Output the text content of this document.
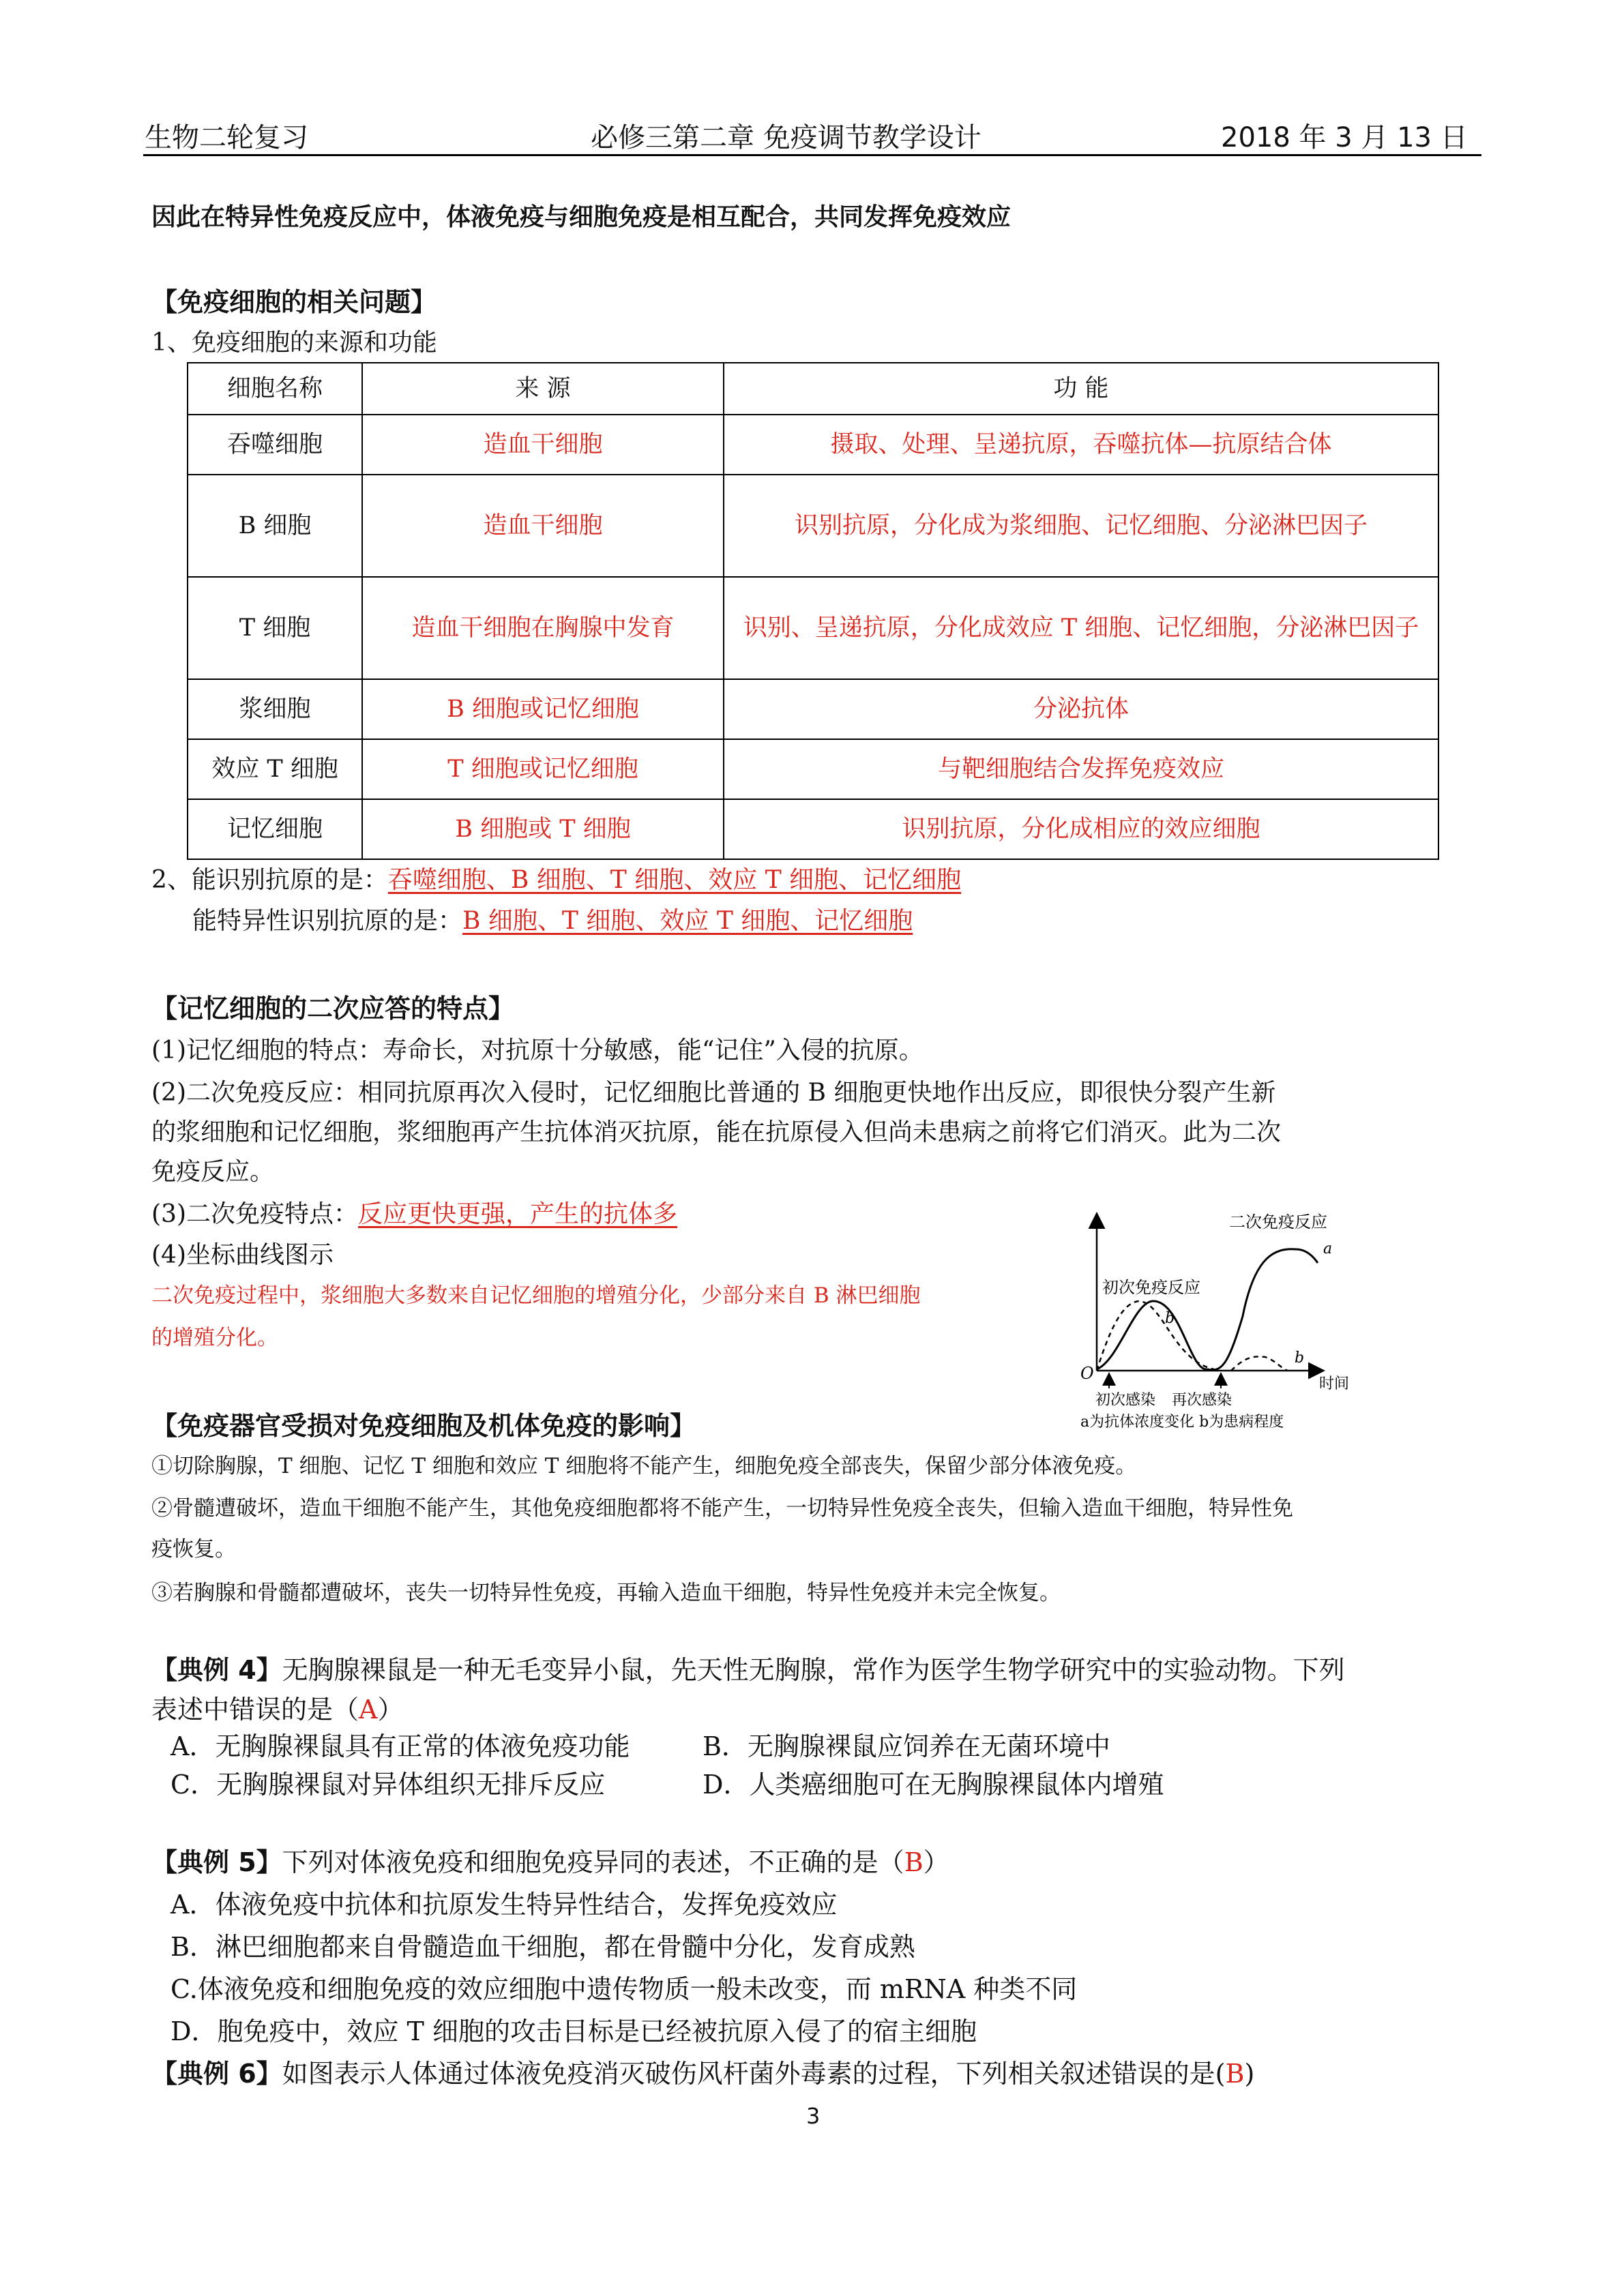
生物二轮复习	必修三第二章 免疫调节教学设计	2018 年 3 月 13 日
因此在特异性免疫反应中，体液免疫与细胞免疫是相互配合，共同发挥免疫效应
【免疫细胞的相关问题】
1、免疫细胞的来源和功能
细胞名称	来 源	功 能
吞噬细胞	造血干细胞	摄取、处理、呈递抗原，吞噬抗体—抗原结合体
B 细胞	造血干细胞	识别抗原，分化成为浆细胞、记忆细胞、分泌淋巴因子
T 细胞	造血干细胞在胸腺中发育	识别、呈递抗原，分化成效应 T 细胞、记忆细胞，分泌淋巴因子
浆细胞	B 细胞或记忆细胞	分泌抗体
效应 T 细胞	T 细胞或记忆细胞	与靶细胞结合发挥免疫效应
记忆细胞	B 细胞或 T 细胞	识别抗原，分化成相应的效应细胞
2、能识别抗原的是：吞噬细胞、B 细胞、T 细胞、效应 T 细胞、记忆细胞
能特异性识别抗原的是：B 细胞、T 细胞、效应 T 细胞、记忆细胞
【记忆细胞的二次应答的特点】
(1)记忆细胞的特点：寿命长，对抗原十分敏感，能“记住”入侵的抗原。
(2)二次免疫反应：相同抗原再次入侵时，记忆细胞比普通的 B 细胞更快地作出反应，即很快分裂产生新
的浆细胞和记忆细胞，浆细胞再产生抗体消灭抗原，能在抗原侵入但尚未患病之前将它们消灭。此为二次
免疫反应。
(3)二次免疫特点：反应更快更强，产生的抗体多
(4)坐标曲线图示
二次免疫过程中，浆细胞大多数来自记忆细胞的增殖分化，少部分来自 B 淋巴细胞
的增殖分化。
二次免疫反应
初次免疫反应
a
b
b
O
时间
初次感染 再次感染
a为抗体浓度变化 b为患病程度
【免疫器官受损对免疫细胞及机体免疫的影响】
①切除胸腺，T 细胞、记忆 T 细胞和效应 T 细胞将不能产生，细胞免疫全部丧失，保留少部分体液免疫。
②骨髓遭破坏，造血干细胞不能产生，其他免疫细胞都将不能产生，一切特异性免疫全丧失，但输入造血干细胞，特异性免
疫恢复。
③若胸腺和骨髓都遭破坏，丧失一切特异性免疫，再输入造血干细胞，特异性免疫并未完全恢复。
【典例 4】无胸腺裸鼠是一种无毛变异小鼠，先天性无胸腺，常作为医学生物学研究中的实验动物。下列
表述中错误的是（A）
A．无胸腺裸鼠具有正常的体液免疫功能	B．无胸腺裸鼠应饲养在无菌环境中
C．无胸腺裸鼠对异体组织无排斥反应	D．人类癌细胞可在无胸腺裸鼠体内增殖
【典例 5】下列对体液免疫和细胞免疫异同的表述，不正确的是（B）
A．体液免疫中抗体和抗原发生特异性结合，发挥免疫效应
B．淋巴细胞都来自骨髓造血干细胞，都在骨髓中分化，发育成熟
C.体液免疫和细胞免疫的效应细胞中遗传物质一般未改变，而 mRNA 种类不同
D．胞免疫中，效应 T 细胞的攻击目标是已经被抗原入侵了的宿主细胞
【典例 6】如图表示人体通过体液免疫消灭破伤风杆菌外毒素的过程，下列相关叙述错误的是(B)
3
